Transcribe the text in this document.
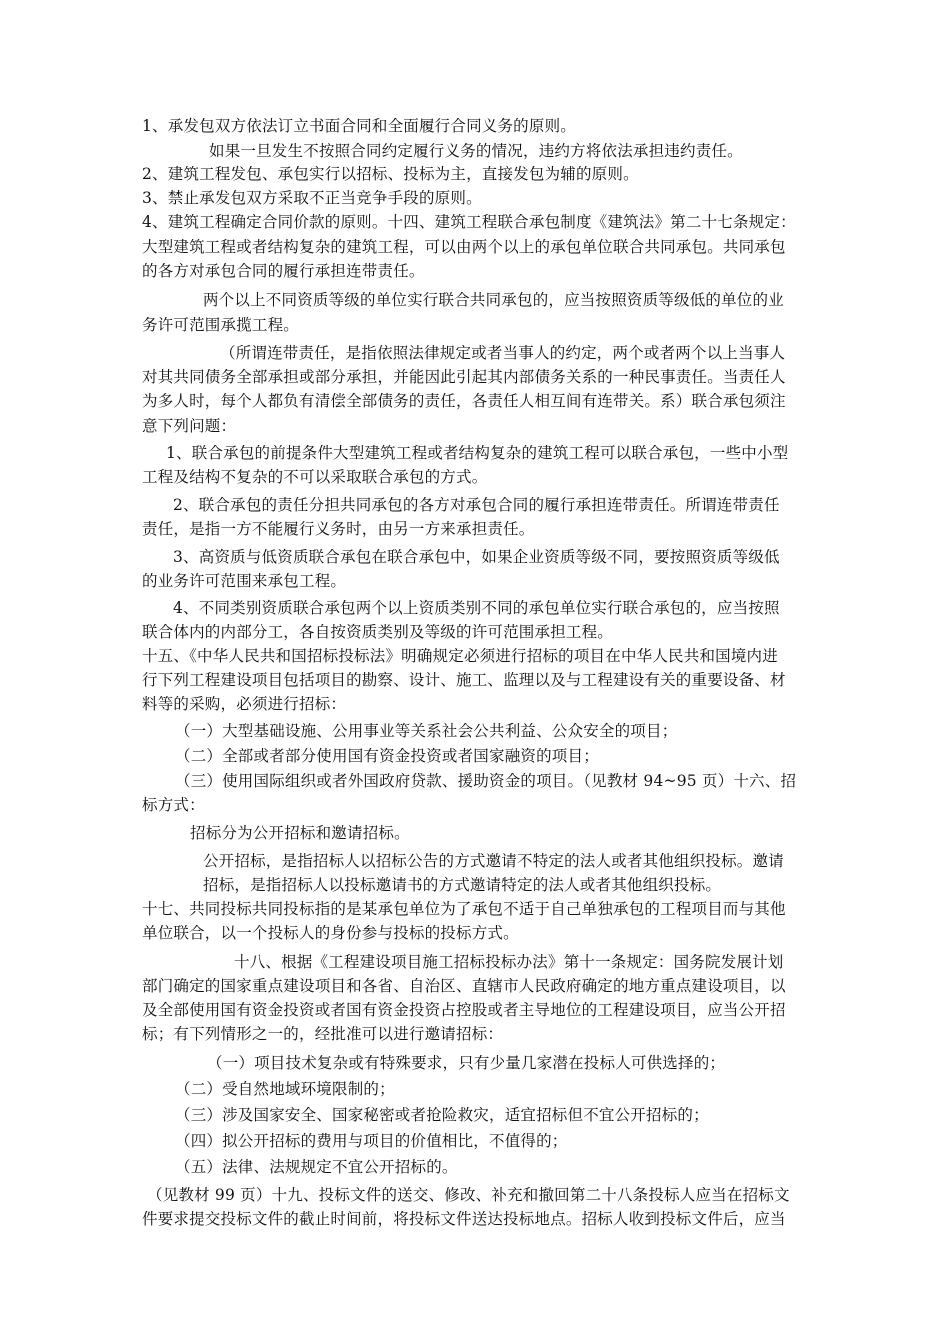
1、承发包双方依法订立书面合同和全面履行合同义务的原则。
如果一旦发生不按照合同约定履行义务的情况，违约方将依法承担违约责任。
2、建筑工程发包、承包实行以招标、投标为主，直接发包为辅的原则。
3、禁止承发包双方采取不正当竞争手段的原则。
4、建筑工程确定合同价款的原则。十四、建筑工程联合承包制度《建筑法》第二十七条规定：
大型建筑工程或者结构复杂的建筑工程，可以由两个以上的承包单位联合共同承包。共同承包
的各方对承包合同的履行承担连带责任。
两个以上不同资质等级的单位实行联合共同承包的，应当按照资质等级低的单位的业
务许可范围承揽工程。
（所谓连带责任，是指依照法律规定或者当事人的约定，两个或者两个以上当事人
对其共同债务全部承担或部分承担，并能因此引起其内部债务关系的一种民事责任。当责任人
为多人时，每个人都负有清偿全部债务的责任，各责任人相互间有连带关。系）联合承包须注
意下列问题：
1、联合承包的前提条件大型建筑工程或者结构复杂的建筑工程可以联合承包，一些中小型
工程及结构不复杂的不可以采取联合承包的方式。
2、联合承包的责任分担共同承包的各方对承包合同的履行承担连带责任。所谓连带责任
责任，是指一方不能履行义务时，由另一方来承担责任。
3、高资质与低资质联合承包在联合承包中，如果企业资质等级不同，要按照资质等级低
的业务许可范围来承包工程。
4、不同类别资质联合承包两个以上资质类别不同的承包单位实行联合承包的，应当按照
联合体内的内部分工，各自按资质类别及等级的许可范围承担工程。
十五、《中华人民共和国招标投标法》明确规定必须进行招标的项目在中华人民共和国境内进
行下列工程建设项目包括项目的勘察、设计、施工、监理以及与工程建设有关的重要设备、材
料等的采购，必须进行招标：
（一）大型基础设施、公用事业等关系社会公共利益、公众安全的项目；
（二）全部或者部分使用国有资金投资或者国家融资的项目；
（三）使用国际组织或者外国政府贷款、援助资金的项目。（见教材 94~95 页）十六、招
标方式：
招标分为公开招标和邀请招标。
公开招标，是指招标人以招标公告的方式邀请不特定的法人或者其他组织投标。邀请
招标，是指招标人以投标邀请书的方式邀请特定的法人或者其他组织投标。
十七、共同投标共同投标指的是某承包单位为了承包不适于自己单独承包的工程项目而与其他
单位联合，以一个投标人的身份参与投标的投标方式。
十八、根据《工程建设项目施工招标投标办法》第十一条规定：国务院发展计划
部门确定的国家重点建设项目和各省、自治区、直辖市人民政府确定的地方重点建设项目，以
及全部使用国有资金投资或者国有资金投资占控股或者主导地位的工程建设项目，应当公开招
标；有下列情形之一的，经批准可以进行邀请招标：
（一）项目技术复杂或有特殊要求，只有少量几家潜在投标人可供选择的；
（二）受自然地域环境限制的；
（三）涉及国家安全、国家秘密或者抢险救灾，适宜招标但不宜公开招标的；
（四）拟公开招标的费用与项目的价值相比，不值得的；
（五）法律、法规规定不宜公开招标的。
（见教材 99 页）十九、投标文件的送交、修改、补充和撤回第二十八条投标人应当在招标文
件要求提交投标文件的截止时间前，将投标文件送达投标地点。招标人收到投标文件后，应当
